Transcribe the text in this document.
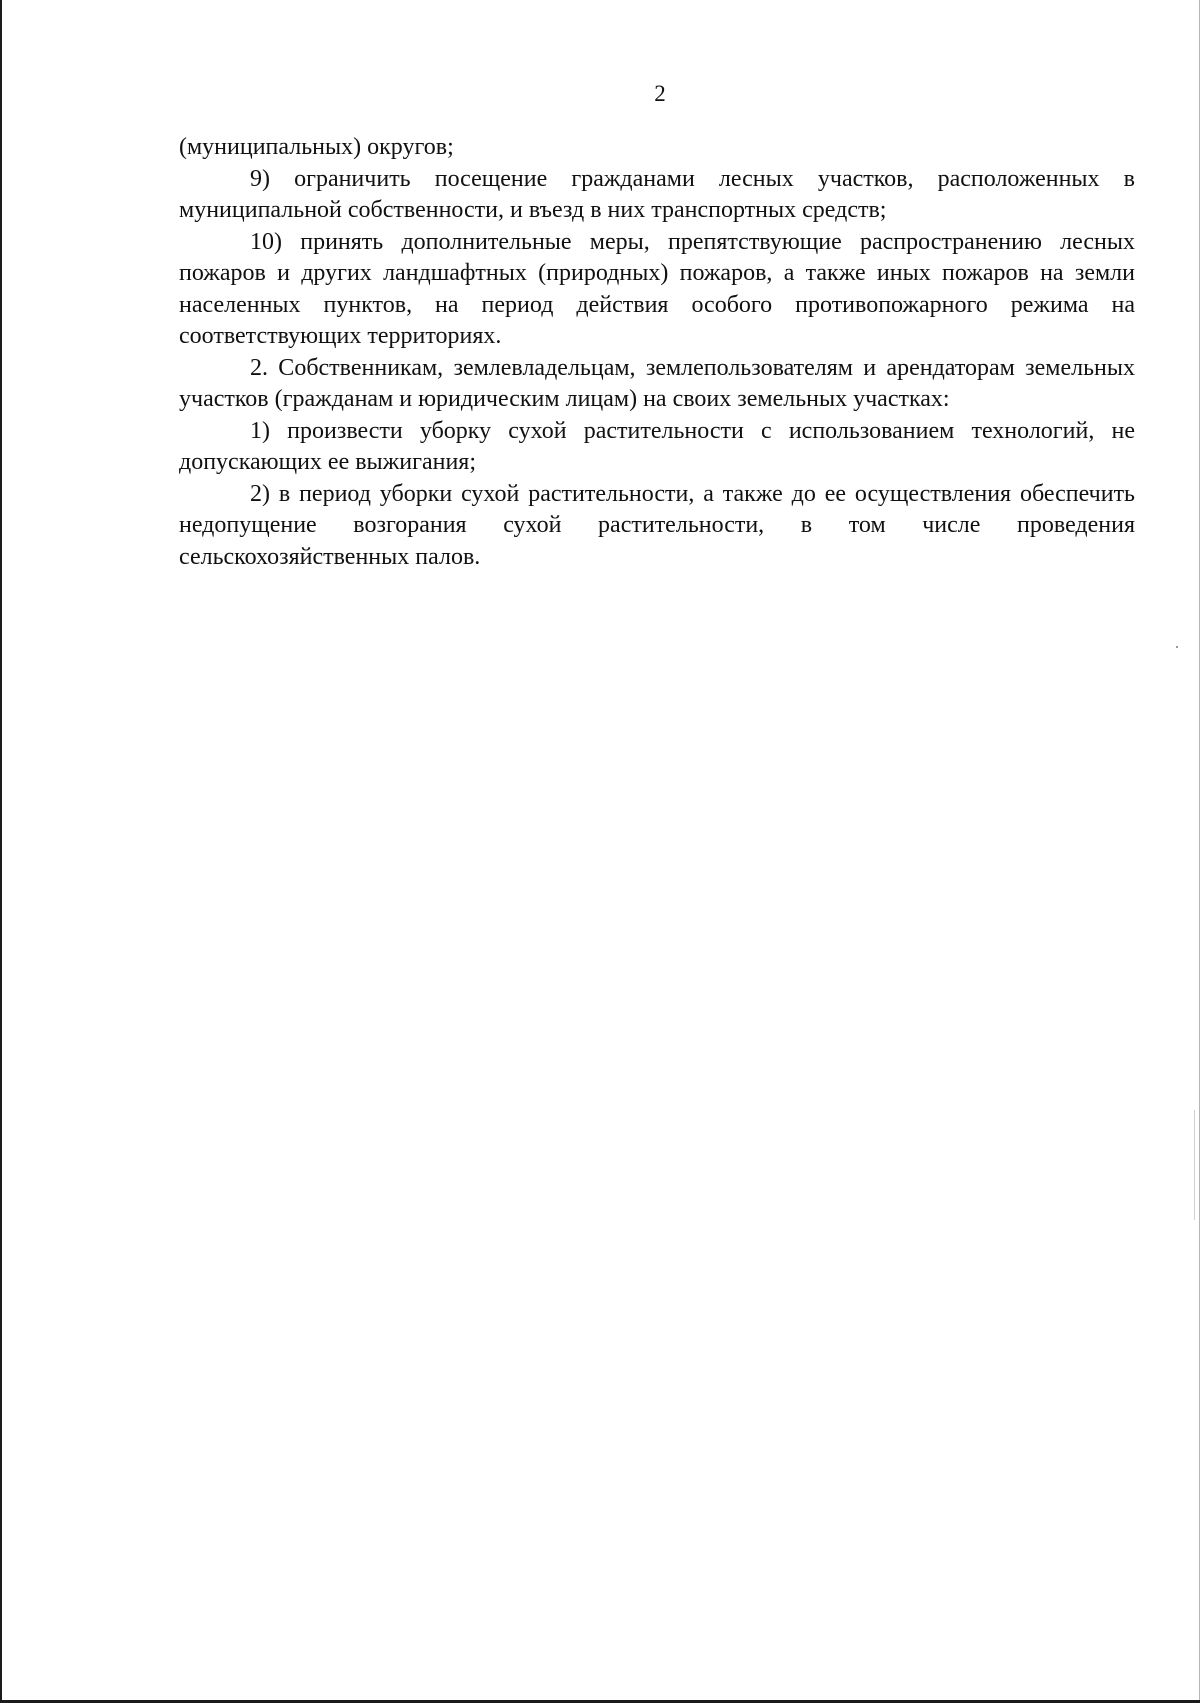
2

(муниципальных) округов;

9) ограничить посещение гражданами лесных участков, расположенных в муниципальной собственности, и въезд в них транспортных средств;

10) принять дополнительные меры, препятствующие распространению лесных пожаров и других ландшафтных (природных) пожаров, а также иных пожаров на земли населенных пунктов, на период действия особого противопожарного режима на соответствующих территориях.

2. Собственникам, землевладельцам, землепользователям и арендаторам земельных участков (гражданам и юридическим лицам) на своих земельных участках:

1) произвести уборку сухой растительности с использованием технологий, не допускающих ее выжигания;

2) в период уборки сухой растительности, а также до ее осуществления обеспечить недопущение возгорания сухой растительности, в том числе проведения сельскохозяйственных палов.
